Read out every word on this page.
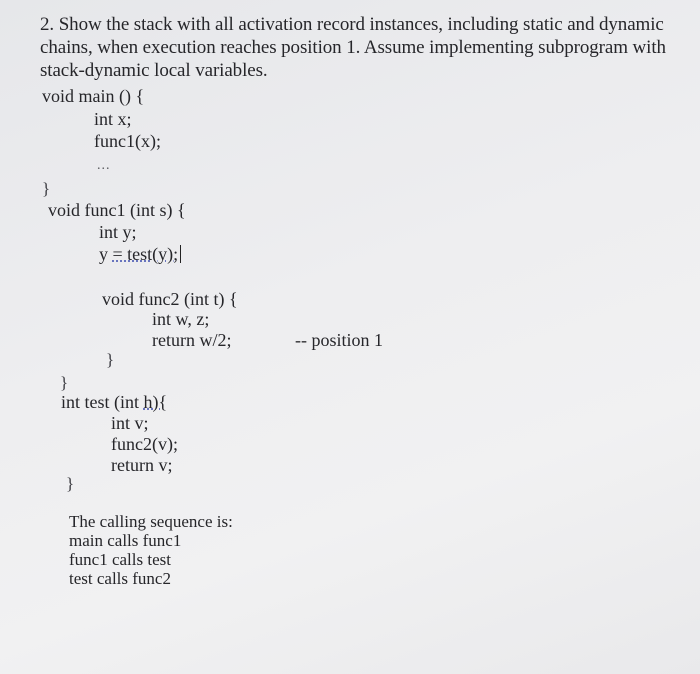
2. Show the stack with all activation record instances, including static and dynamic
chains, when execution reaches position 1. Assume implementing subprogram with
stack-dynamic local variables.
void main () {
int x;
func1(x);
...
}
void func1 (int s) {
int y;
y = test(y);
void func2 (int t) {
int w, z;
return w/2;	-- position 1
}
}
int test (int h){
int v;
func2(v);
return v;
}
The calling sequence is:
main calls func1
func1 calls test
test calls func2
